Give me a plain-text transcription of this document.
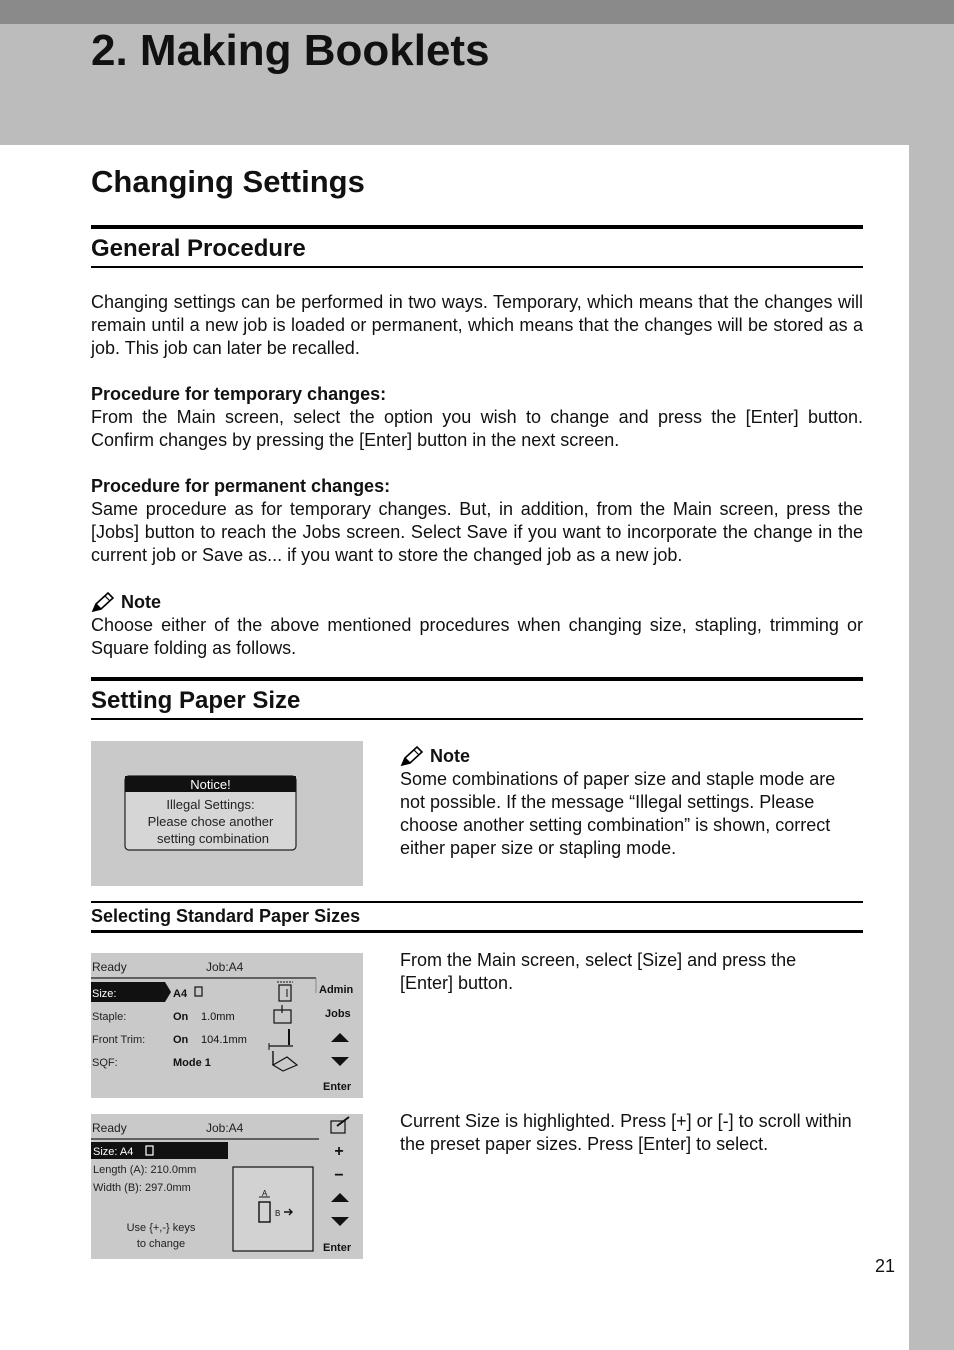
2. Making Booklets
Changing Settings
General Procedure

Changing settings can be performed in two ways. Temporary, which means that the changes will remain until a new job is loaded or permanent, which means that the changes will be stored as a job. This job can later be recalled.

Procedure for temporary changes:

From the Main screen, select the option you wish to change and press the [Enter] button. Confirm changes by pressing the [Enter] button in the next screen.

Procedure for permanent changes:

Same procedure as for temporary changes. But, in addition, from the Main screen, press the [Jobs] button to reach the Jobs screen. Select Save if you want to incorporate the change in the current job or Save as... if you want to store the changed job as a new job.

Note

Choose either of the above mentioned procedures when changing size, stapling, trimming or Square folding as follows.

Setting Paper Size
Notice!
Illegal Settings:
Please chose another
setting combination
Note

Some combinations of paper size and staple mode are not possible. If the message “Illegal settings. Please choose another setting combination” is shown, correct either paper size or stapling mode.

Selecting Standard Paper Sizes
Ready	Job:A4
Size:	A4
Staple:	On 1.0mm
Front Trim:	On 104.1mm
SQF:	Mode 1
Admin
Jobs
Enter

From the Main screen, select [Size] and press the [Enter] button.

Ready	Job:A4
Size: A4
Length (A): 210.0mm
Width (B): 297.0mm
Use {+,-} keys
to change
A
B
+
−
Enter

Current Size is highlighted. Press [+] or [-] to scroll within the preset paper sizes. Press [Enter] to select.

21
